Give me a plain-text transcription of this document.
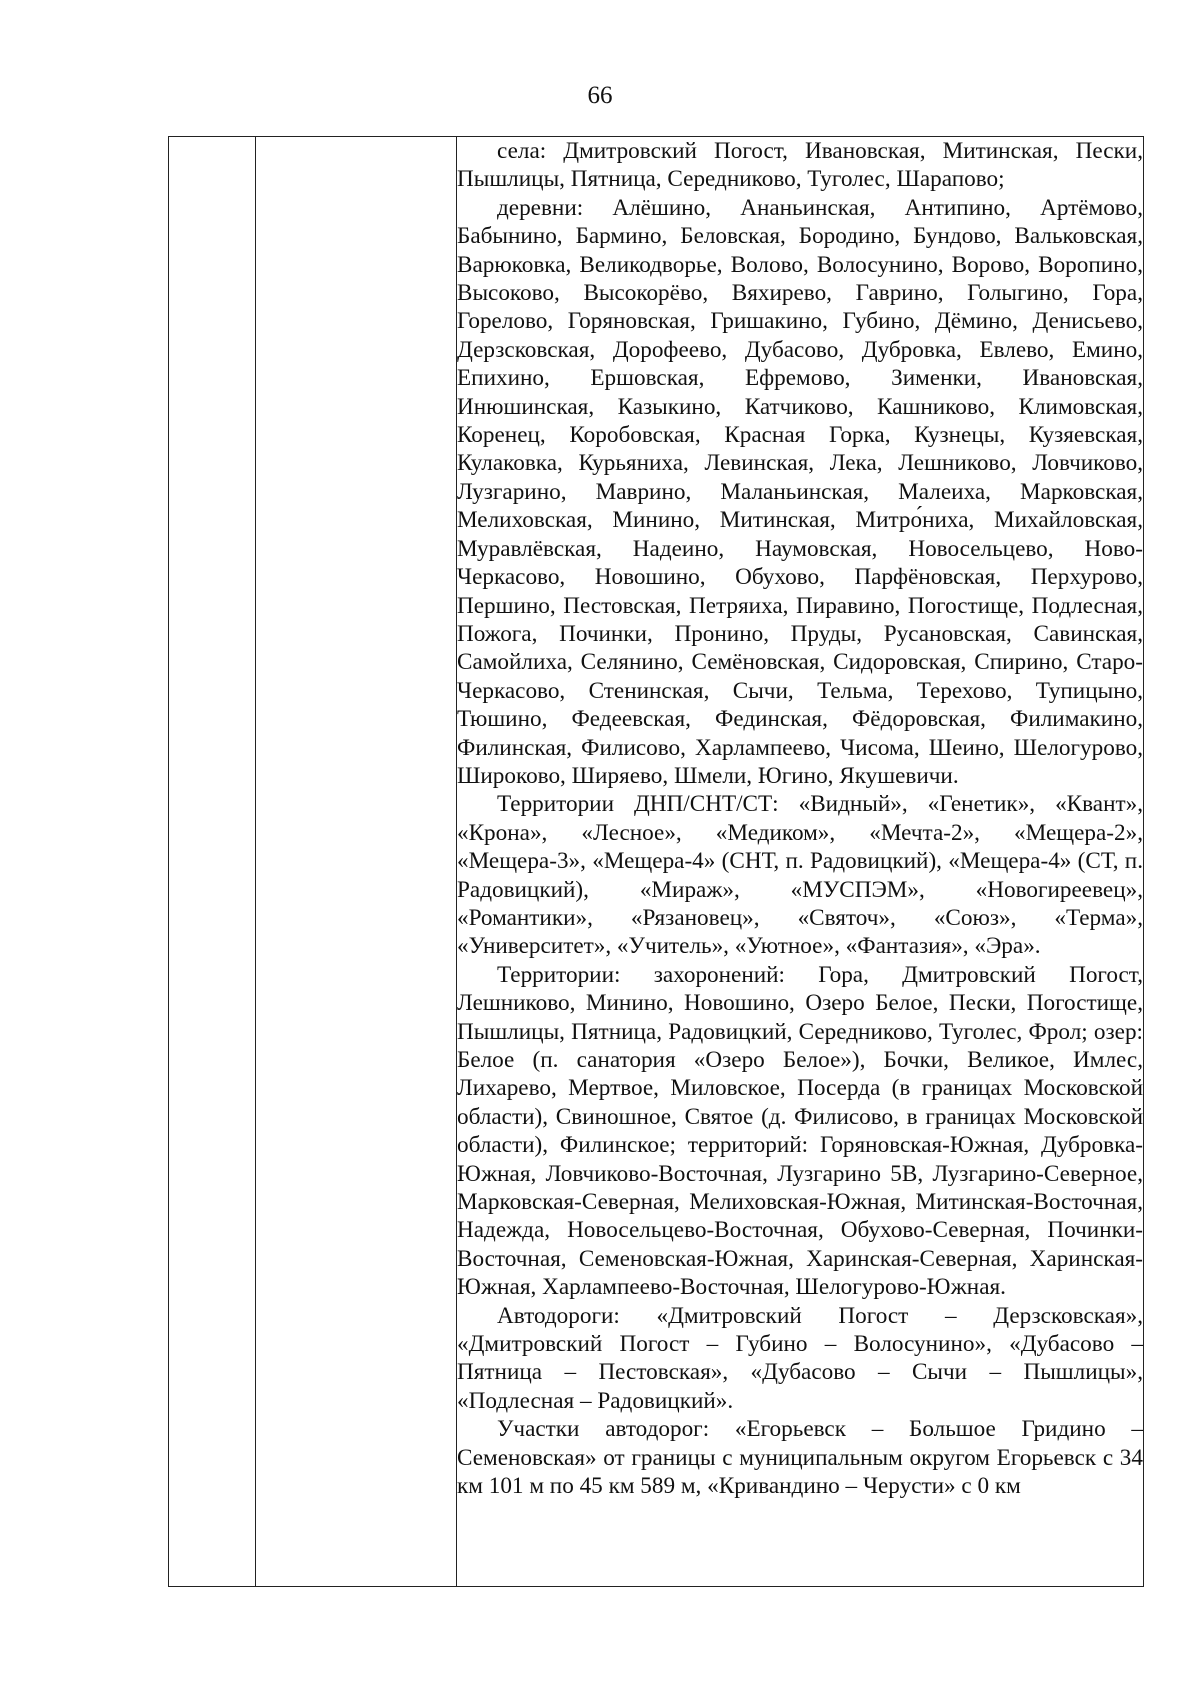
66

села: Дмитровский Погост, Ивановская, Митинская, Пески, Пышлицы, Пятница, Середниково, Туголес, Шарапово;

деревни: Алёшино, Ананьинская, Антипино, Артёмово, Бабынино, Бармино, Беловская, Бородино, Бундово, Вальковская, Варюковка, Великодворье, Волово, Волосунино, Ворово, Воропино, Высоково, Высокорёво, Вяхирево, Гаврино, Голыгино, Гора, Горелово, Горяновская, Гришакино, Губино, Дёмино, Денисьево, Дерзсковская, Дорофеево, Дубасово, Дубровка, Евлево, Емино, Епихино, Ершовская, Ефремово, Зименки, Ивановская, Инюшинская, Казыкино, Катчиково, Кашниково, Климовская, Коренец, Коробовская, Красная Горка, Кузнецы, Кузяевская, Кулаковка, Курьяниха, Левинская, Лека, Лешниково, Ловчиково, Лузгарино, Маврино, Маланьинская, Малеиха, Марковская, Мелиховская, Минино, Митинская, Митро́ниха, Михайловская, Муравлёвская, Надеино, Наумовская, Новосельцево, Ново-Черкасово, Новошино, Обухово, Парфёновская, Перхурово, Першино, Пестовская, Петряиха, Пиравино, Погостище, Подлесная, Пожога, Починки, Пронино, Пруды, Русановская, Савинская, Самойлиха, Селянино, Семёновская, Сидоровская, Спирино, Старо-Черкасово, Стенинская, Сычи, Тельма, Терехово, Тупицыно, Тюшино, Федеевская, Фединская, Фёдоровская, Филимакино, Филинская, Филисово, Харлампеево, Чисома, Шеино, Шелогурово, Широково, Ширяево, Шмели, Югино, Якушевичи.

Территории ДНП/СНТ/СТ: «Видный», «Генетик», «Квант», «Крона», «Лесное», «Медиком», «Мечта-2», «Мещера-2», «Мещера-3», «Мещера-4» (СНТ, п. Радовицкий), «Мещера-4» (СТ, п. Радовицкий), «Мираж», «МУСПЭМ», «Новогиреевец», «Романтики», «Рязановец», «Святоч», «Союз», «Терма», «Университет», «Учитель», «Уютное», «Фантазия», «Эра».

Территории: захоронений: Гора, Дмитровский Погост, Лешниково, Минино, Новошино, Озеро Белое, Пески, Погостище, Пышлицы, Пятница, Радовицкий, Середниково, Туголес, Фрол; озер: Белое (п. санатория «Озеро Белое»), Бочки, Великое, Имлес, Лихарево, Мертвое, Миловское, Посерда (в границах Московской области), Свиношное, Святое (д. Филисово, в границах Московской области), Филинское; территорий: Горяновская-Южная, Дубровка-Южная, Ловчиково-Восточная, Лузгарино 5В, Лузгарино-Северное, Марковская-Северная, Мелиховская-Южная, Митинская-Восточная, Надежда, Новосельцево-Восточная, Обухово-Северная, Починки-Восточная, Семеновская-Южная, Харинская-Северная, Харинская-Южная, Харлампеево-Восточная, Шелогурово-Южная.

Автодороги: «Дмитровский Погост – Дерзсковская», «Дмитровский Погост – Губино – Волосунино», «Дубасово – Пятница – Пестовская», «Дубасово – Сычи – Пышлицы», «Подлесная – Радовицкий».

Участки автодорог: «Егорьевск – Большое Гридино – Семеновская» от границы с муниципальным округом Егорьевск с 34 км 101 м по 45 км 589 м, «Кривандино – Черусти» с 0 км
